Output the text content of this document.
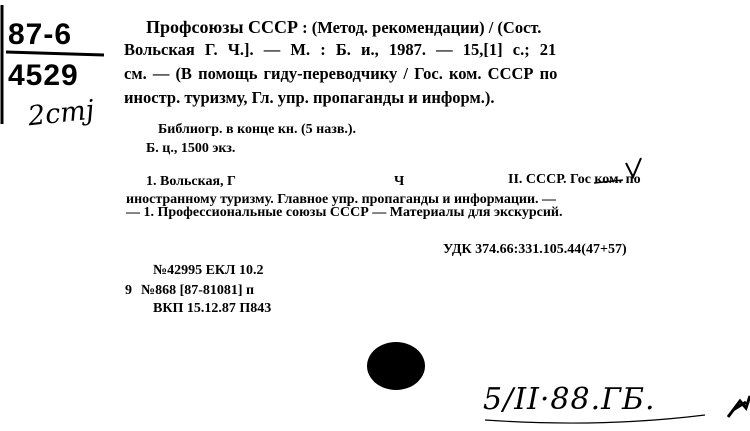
87-6
4529
2cmj
Профсоюзы СССР : (Метод. рекомендации) / (Сост.
Вольская Г. Ч.]. — М. : Б. и., 1987. — 15,[1] с.; 21
см. — (В помощь гиду-переводчику / Гос. ком. СССР по
иностр. туризму, Гл. упр. пропаганды и информ.).
Библиогр. в конце кн. (5 назв.).
Б. ц., 1500 экз.
1. Вольская, Г	Ч	II. СССР. Гос ком. по
иностранному туризму. Главное упр. пропаганды и информации. —
— 1. Профессиональные союзы СССР — Материалы для экскурсий.
УДК 374.66:331.105.44(47+57)
№42995 ЕКЛ 10.2
9 №868 [87-81081] п
ВКП 15.12.87 П843
5/II·88.ГБ.
